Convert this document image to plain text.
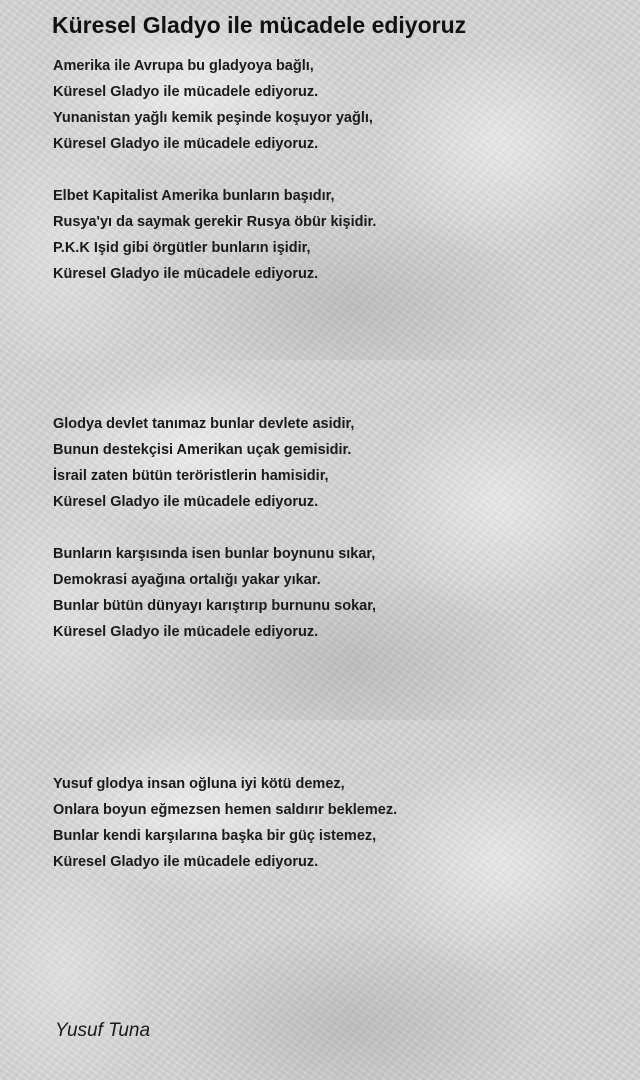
Küresel Gladyo ile mücadele ediyoruz

Amerika ile Avrupa bu gladyoya bağlı,
Küresel Gladyo ile mücadele ediyoruz.
Yunanistan yağlı kemik peşinde koşuyor yağlı,
Küresel Gladyo ile mücadele ediyoruz.

Elbet Kapitalist Amerika bunların başıdır,
Rusya'yı da saymak gerekir Rusya öbür kişidir.
P.K.K Işid gibi örgütler bunların işidir,
Küresel Gladyo ile mücadele ediyoruz.

Glodya devlet tanımaz bunlar devlete asidir,
Bunun destekçisi Amerikan uçak gemisidir.
İsrail zaten bütün teröristlerin hamisidir,
Küresel Gladyo ile mücadele ediyoruz.

Bunların karşısında isen bunlar boynunu sıkar,
Demokrasi ayağına ortalığı yakar yıkar.
Bunlar bütün dünyayı karıştırıp burnunu sokar,
Küresel Gladyo ile mücadele ediyoruz.

Yusuf glodya insan oğluna iyi kötü demez,
Onlara boyun eğmezsen hemen saldırır beklemez.
Bunlar kendi karşılarına başka bir güç istemez,
Küresel Gladyo ile mücadele ediyoruz.

Yusuf Tuna
